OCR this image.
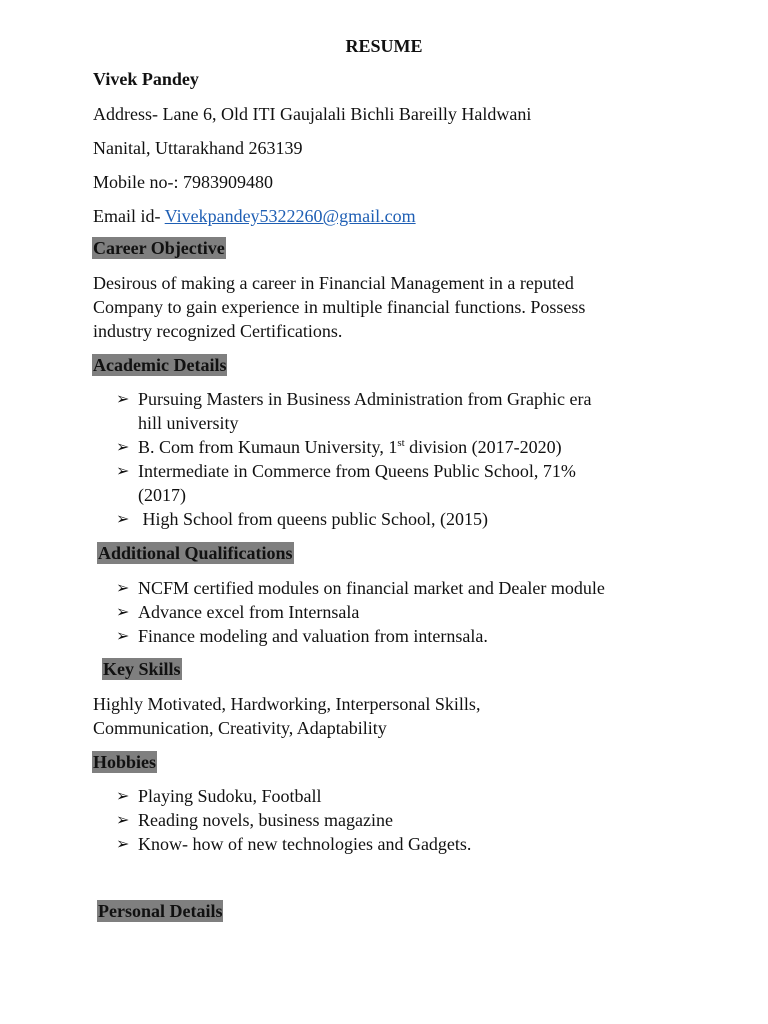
RESUME
Vivek Pandey
Address- Lane 6, Old ITI Gaujalali Bichli Bareilly Haldwani
Nanital, Uttarakhand 263139
Mobile no-: 7983909480
Email id- Vivekpandey5322260@gmail.com
Career Objective
Desirous of making a career in Financial Management in a reputed
Company to gain experience in multiple financial functions. Possess
industry recognized Certifications.
Academic Details
➢ Pursuing Masters in Business Administration from Graphic era
hill university
➢ B. Com from Kumaun University, 1st division (2017-2020)
➢ Intermediate in Commerce from Queens Public School, 71%
(2017)
➢ High School from queens public School, (2015)
Additional Qualifications
➢ NCFM certified modules on financial market and Dealer module
➢ Advance excel from Internsala
➢ Finance modeling and valuation from internsala.
Key Skills
Highly Motivated, Hardworking, Interpersonal Skills,
Communication, Creativity, Adaptability
Hobbies
➢ Playing Sudoku, Football
➢ Reading novels, business magazine
➢ Know- how of new technologies and Gadgets.
Personal Details
